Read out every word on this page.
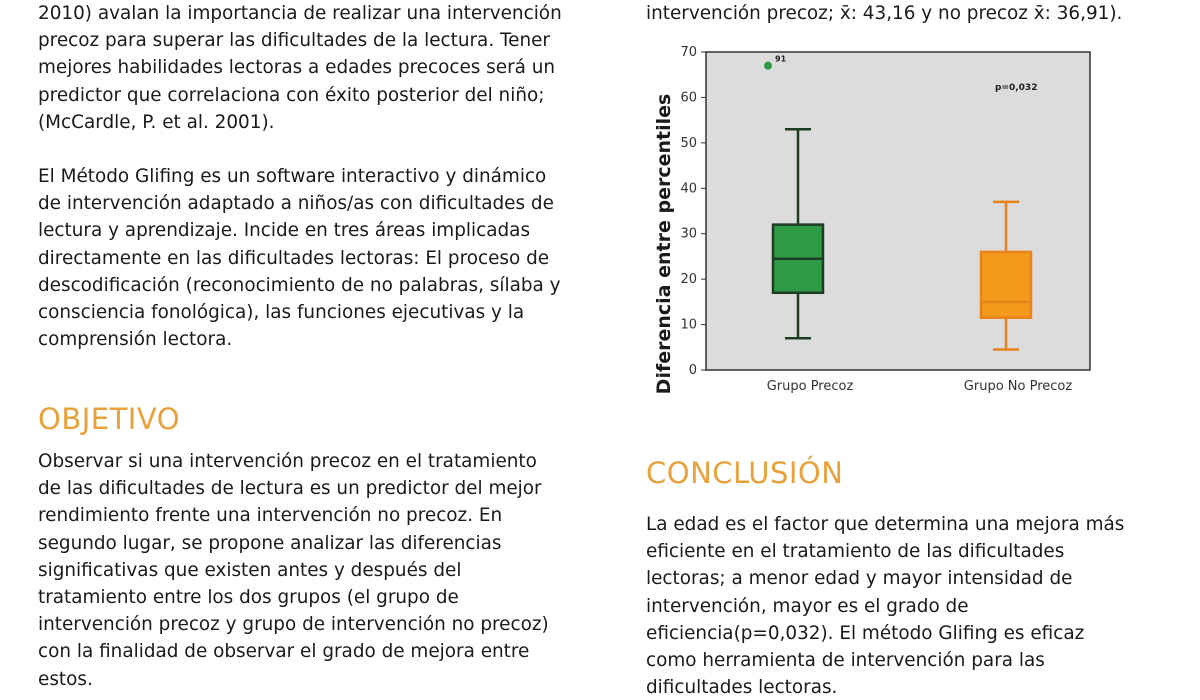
2010) avalan la importancia de realizar una intervención
precoz para superar las dificultades de la lectura. Tener
mejores habilidades lectoras a edades precoces será un
predictor que correlaciona con éxito posterior del niño;
(McCardle, P. et al. 2001).
El Método Glifing es un software interactivo y dinámico
de intervención adaptado a niños/as con dificultades de
lectura y aprendizaje. Incide en tres áreas implicadas
directamente en las dificultades lectoras: El proceso de
descodificación (reconocimiento de no palabras, sílaba y
consciencia fonológica), las funciones ejecutivas y la
comprensión lectora.
OBJETIVO
Observar si una intervención precoz en el tratamiento
de las dificultades de lectura es un predictor del mejor
rendimiento frente una intervención no precoz. En
segundo lugar, se propone analizar las diferencias
significativas que existen antes y después del
tratamiento entre los dos grupos (el grupo de
intervención precoz y grupo de intervención no precoz)
con la finalidad de observar el grado de mejora entre
estos.
intervención precoz; x̄: 43,16 y no precoz x̄: 36,91).
0
10
20
30
40
50
60
70
Diferencia entre percentiles
91
Grupo Precoz	Grupo No Precoz
p=0,032
CONCLUSIÓN
La edad es el factor que determina una mejora más
eficiente en el tratamiento de las dificultades
lectoras; a menor edad y mayor intensidad de
intervención, mayor es el grado de
eficiencia(p=0,032). El método Glifing es eficaz
como herramienta de intervención para las
dificultades lectoras.
